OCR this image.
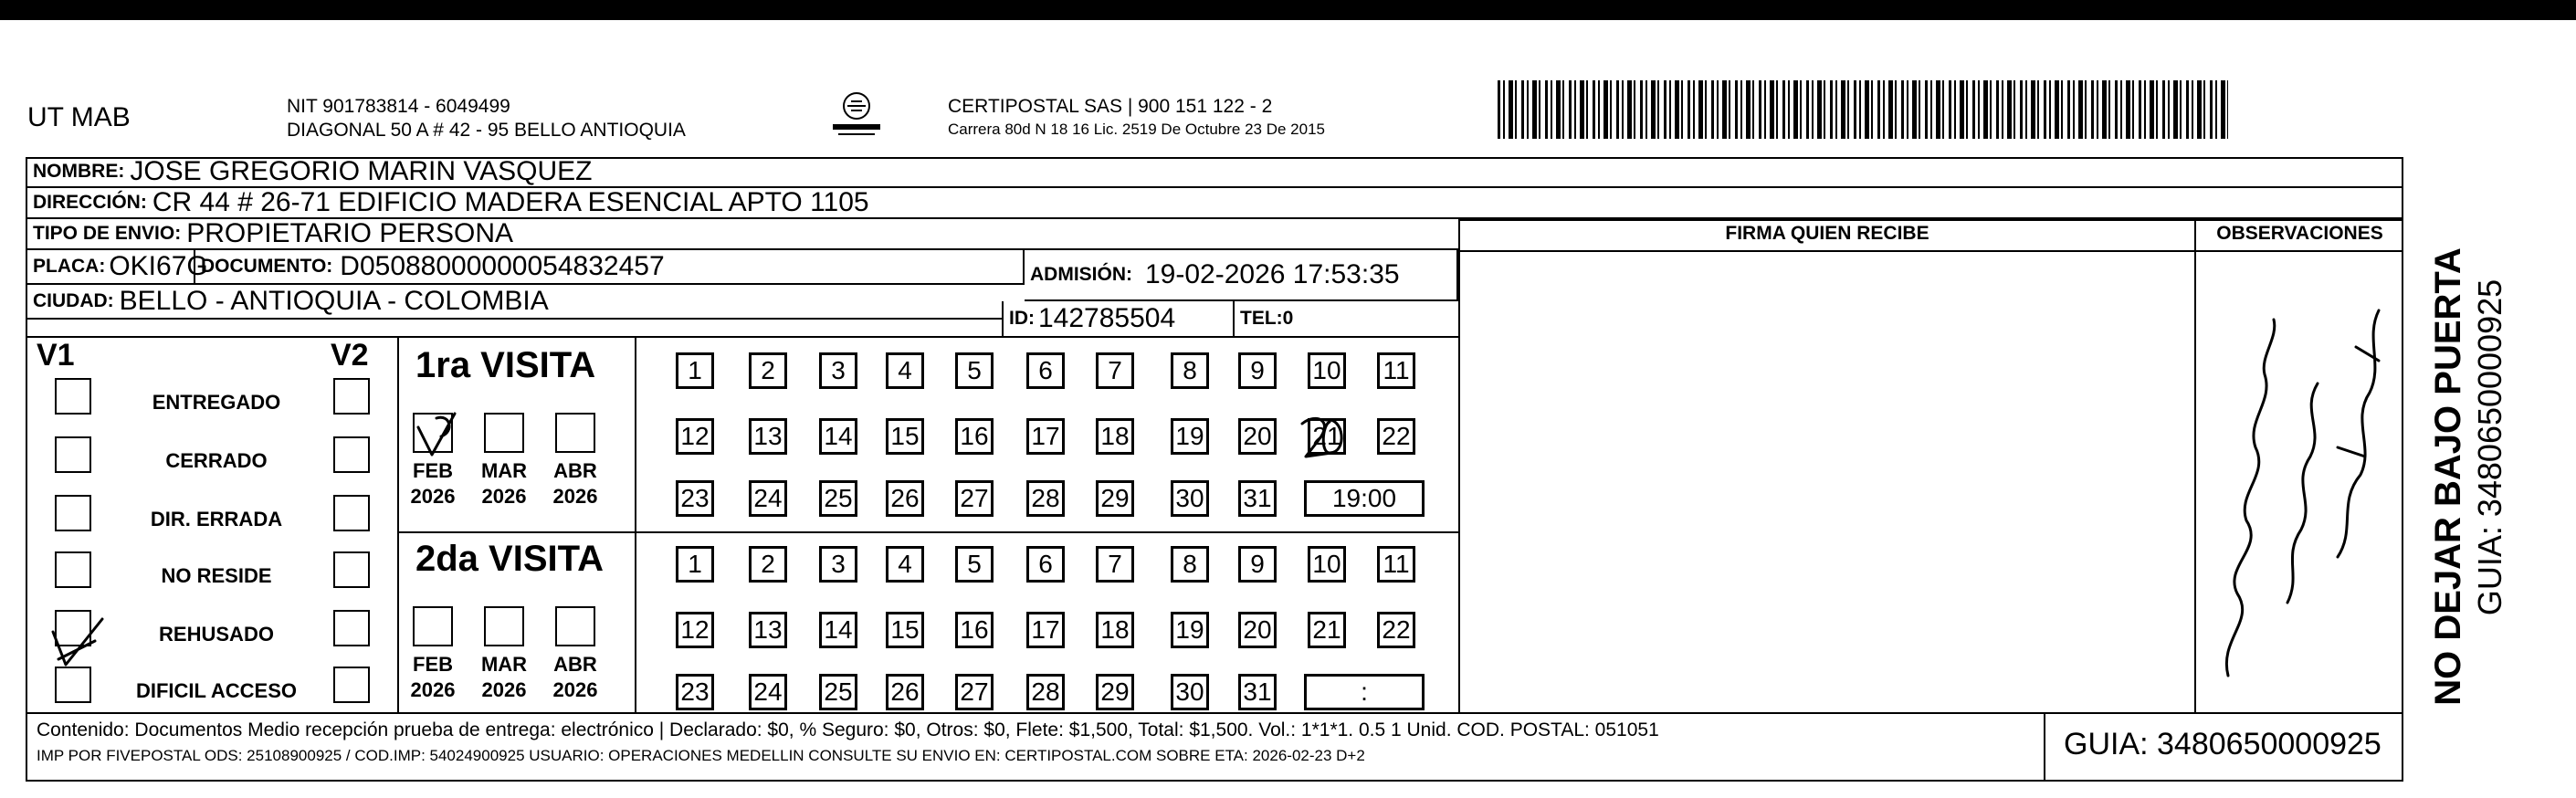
UT MAB	NIT 901783814 - 6049499
DIAGONAL 50 A # 42 - 95 BELLO ANTIOQUIA
CERTIPOSTAL SAS | 900 151 122 - 2
Carrera 80d N 18 16 Lic. 2519 De Octubre 23 De 2015
NOMBRE: JOSE GREGORIO MARIN VASQUEZ
DIRECCIÓN: CR 44 # 26-71 EDIFICIO MADERA ESENCIAL APTO 1105
TIPO DE ENVIO: PROPIETARIO PERSONA
PLACA: OKI67G
DOCUMENTO: D05088000000054832457	ADMISIÓN: 19-02-2026 17:53:35
CIUDAD: BELLO - ANTIOQUIA - COLOMBIA
ID: 142785504	TEL: 0
FIRMA QUIEN RECIBE	OBSERVACIONES
V1	V2
ENTREGADO
CERRADO
DIR. ERRADA
NO RESIDE
REHUSADO
DIFICIL ACCESO
1ra VISITA
2da VISITA
FEB
2026
MAR
2026
ABR
2026
1	2	3	4	5	6	7	8	9	10 11
12 13 14 15 16 17 18 19 20 21 22
23 24 25 26 27 28 29 30 31	19:00
FEB
2026
MAR
2026
ABR
2026
1	2	3	4	5	6	7	8	9	10 11
12 13 14 15 16 17 18 19 20 21 22
23 24 25 26 27 28 29 30 31	:
Contenido: Documentos Medio recepción prueba de entrega: electrónico | Declarado: $0, % Seguro: $0, Otros: $0, Flete: $1,500, Total: $1,500. Vol.: 1*1*1. 0.5 1 Unid. COD. POSTAL: 051051
IMP POR FIVEPOSTAL ODS: 25108900925 / COD.IMP: 54024900925 USUARIO: OPERACIONES MEDELLIN CONSULTE SU ENVIO EN: CERTIPOSTAL.COM SOBRE ETA: 2026-02-23 D+2	GUIA: 3480650000925
NO DEJAR BAJO PUERTA GUIA: 3480650000925
